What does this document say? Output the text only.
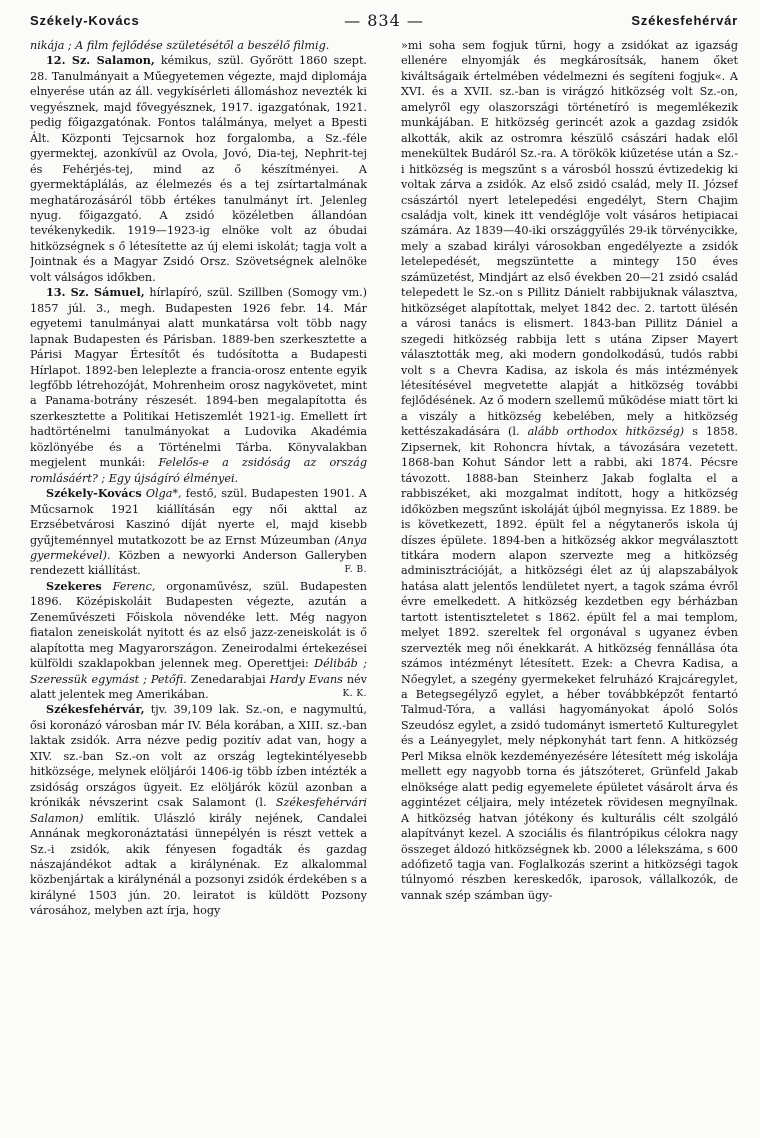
Székely-Kovács	— 834 —	Székesfehérvár

nikája ; A film fejlődése születésétől a beszélő filmig.

12. Sz. Salamon, kémikus, szül. Győrött 1860 szept. 28. Tanulmányait a Műegyetemen végezte, majd diplomája elnyerése után az áll. vegykísérleti állomáshoz nevezték ki vegyésznek, majd fővegyésznek, 1917. igazgatónak, 1921. pedig főigazgatónak. Fontos találmánya, melyet a Bpesti Ált. Központi Tejcsarnok hoz forgalomba, a Sz.-féle gyermektej, azonkívül az Ovola, Jovó, Dia-tej, Nephrit-tej és Fehérjés-tej, mind az ő készítményei. A gyermektáplálás, az élelmezés és a tej zsírtartalmának meghatározásáról több értékes tanulmányt írt. Jelenleg nyug. főigazgató. A zsidó közéletben állandóan tevékenykedik. 1919—1923-ig elnöke volt az óbudai hitközségnek s ő létesítette az új elemi iskolát; tagja volt a Jointnak és a Magyar Zsidó Orsz. Szövetségnek alelnöke volt válságos időkben.

13. Sz. Sámuel, hírlapíró, szül. Szillben (Somogy vm.) 1857 júl. 3., megh. Budapesten 1926 febr. 14. Már egyetemi tanulmányai alatt munkatársa volt több nagy lapnak Budapesten és Párisban. 1889-ben szerkesztette a Párisi Magyar Értesítőt és tudósította a Budapesti Hírlapot. 1892-ben leleplezte a francia-orosz entente egyik legfőbb létrehozóját, Mohrenheim orosz nagykövetet, mint a Panama-botrány részesét. 1894-ben megalapította és szerkesztette a Politikai Hetiszemlét 1921-ig. Emellett írt hadtörténelmi tanulmányokat a Ludovika Akadémia közlönyébe és a Történelmi Tárba. Könyvalakban megjelent munkái: Felelős-e a zsidóság az ország romlásáért? ; Egy újságíró élményei.

Székely-Kovács Olga*, festő, szül. Budapesten 1901. A Műcsarnok 1921 kiállításán egy női akttal az Erzsébetvárosi Kaszinó díját nyerte el, majd kisebb gyűjteménnyel mutatkozott be az Ernst Múzeumban (Anya gyermekével). Közben a newyorki Anderson Galleryben rendezett kiállítást.	F. B.

Szekeres Ferenc, orgonaművész, szül. Budapesten 1896. Középiskoláit Budapesten végezte, azután a Zeneművészeti Főiskola növendéke lett. Még nagyon fiatalon zeneiskolát nyitott és az első jazz-zeneiskolát is ő alapította meg Magyarországon. Zeneirodalmi értekezései külföldi szaklapokban jelennek meg. Operettjei: Délibáb ; Szeressük egymást ; Petőfi. Zenedarabjai Hardy Evans név alatt jelentek meg Amerikában.	K. K.

Székesfehérvár, tjv. 39,109 lak. Sz.-on, e nagymultú, ősi koronázó városban már IV. Béla korában, a XIII. sz.-ban laktak zsidók. Arra nézve pedig pozitív adat van, hogy a XIV. sz.-ban Sz.-on volt az ország legtekintélyesebb hitközsége, melynek elöljárói 1406-ig több ízben intézték a zsidóság országos ügyeit. Ez elöljárók közül azonban a krónikák névszerint csak Salamont (l. Székesfehérvári Salamon) említik. Ulászló király nejének, Candalei Annának megkoronáztatási ünnepélyén is részt vettek a Sz.-i zsidók, akik fényesen fogadták és gazdag nászajándékot adtak a királynénak. Ez alkalommal közbenjártak a királynénál a pozsonyi zsidók érdekében s a királyné 1503 jún. 20. leiratot is küldött Pozsony városához, melyben azt írja, hogy

»mi soha sem fogjuk tűrni, hogy a zsidókat az igazság ellenére elnyomják és megkárosítsák, hanem őket kiváltságaik értelmében védelmezni és segíteni fogjuk«. A XVI. és a XVII. sz.-ban is virágzó hitközség volt Sz.-on, amelyről egy olaszországi történetíró is megemlékezik munkájában. E hitközség gerincét azok a gazdag zsidók alkották, akik az ostromra készülő császári hadak elől menekültek Budáról Sz.-ra. A törökök kiűzetése után a Sz.-i hitközség is megszűnt s a városból hosszú évtizedekig ki voltak zárva a zsidók. Az első zsidó család, mely II. József császártól nyert letelepedési engedélyt, Stern Chajim családja volt, kinek itt vendéglője volt vásáros hetipiacai számára. Az 1839—40-iki országgyűlés 29-ik törvénycikke, mely a szabad királyi városokban engedélyezte a zsidók letelepedését, megszüntette a mintegy 150 éves számüzetést, Mindjárt az első években 20—21 zsidó család telepedett le Sz.-on s Pillitz Dánielt rabbijuknak választva, hitközséget alapítottak, melyet 1842 dec. 2. tartott ülésén a városi tanács is elismert. 1843-ban Pillitz Dániel a szegedi hitközség rabbija lett s utána Zipser Mayert választották meg, aki modern gondolkodású, tudós rabbi volt s a Chevra Kadisa, az iskola és más intézmények létesítésével megvetette alapját a hitközség további fejlődésének. Az ő modern szellemű működése miatt tört ki a viszály a hitközség kebelében, mely a hitközség kettészakadására (l. alább orthodox hitközség) s 1858. Zipsernek, kit Rohoncra hívtak, a távozására vezetett. 1868-ban Kohut Sándor lett a rabbi, aki 1874. Pécsre távozott. 1888-ban Steinherz Jakab foglalta el a rabbiszéket, aki mozgalmat indított, hogy a hitközség időközben megszűnt iskoláját újból megnyissa. Ez 1889. be is következett, 1892. épült fel a négytanerős iskola új díszes épülete. 1894-ben a hitközség akkor megválasztott titkára modern alapon szervezte meg a hitközség adminisztrációját, a hitközségi élet az új alapszabályok hatása alatt jelentős lendületet nyert, a tagok száma évről évre emelkedett. A hitközség kezdetben egy bérházban tartott istentiszteletet s 1862. épült fel a mai templom, melyet 1892. szereltek fel orgonával s ugyanez évben szervezték meg női énekkarát. A hitközség fennállása óta számos intézményt létesített. Ezek: a Chevra Kadisa, a Nőegylet, a szegény gyermekeket felruházó Krajcáregylet, a Betegsegélyző egylet, a héber továbbképzőt fentartó Talmud-Tóra, a vallási hagyományokat ápoló Solós Szeudósz egylet, a zsidó tudományt ismertető Kulturegylet és a Leányegylet, mely népkonyhát tart fenn. A hitközség Perl Miksa elnök kezdeményezésére létesített még iskolája mellett egy nagyobb torna és játszóteret, Grünfeld Jakab elnöksége alatt pedig egyemelete épületet vásárolt árva és aggintézet céljaira, mely intézetek rövidesen megnyílnak. A hitközség hatvan jótékony és kulturális célt szolgáló alapítványt kezel. A szociális és filantrópikus célokra nagy összeget áldozó hitközségnek kb. 2000 a lélekszáma, s 600 adófizető tagja van. Foglalkozás szerint a hitközségi tagok túlnyomó részben kereskedők, iparosok, vállalkozók, de vannak szép számban ügy-
